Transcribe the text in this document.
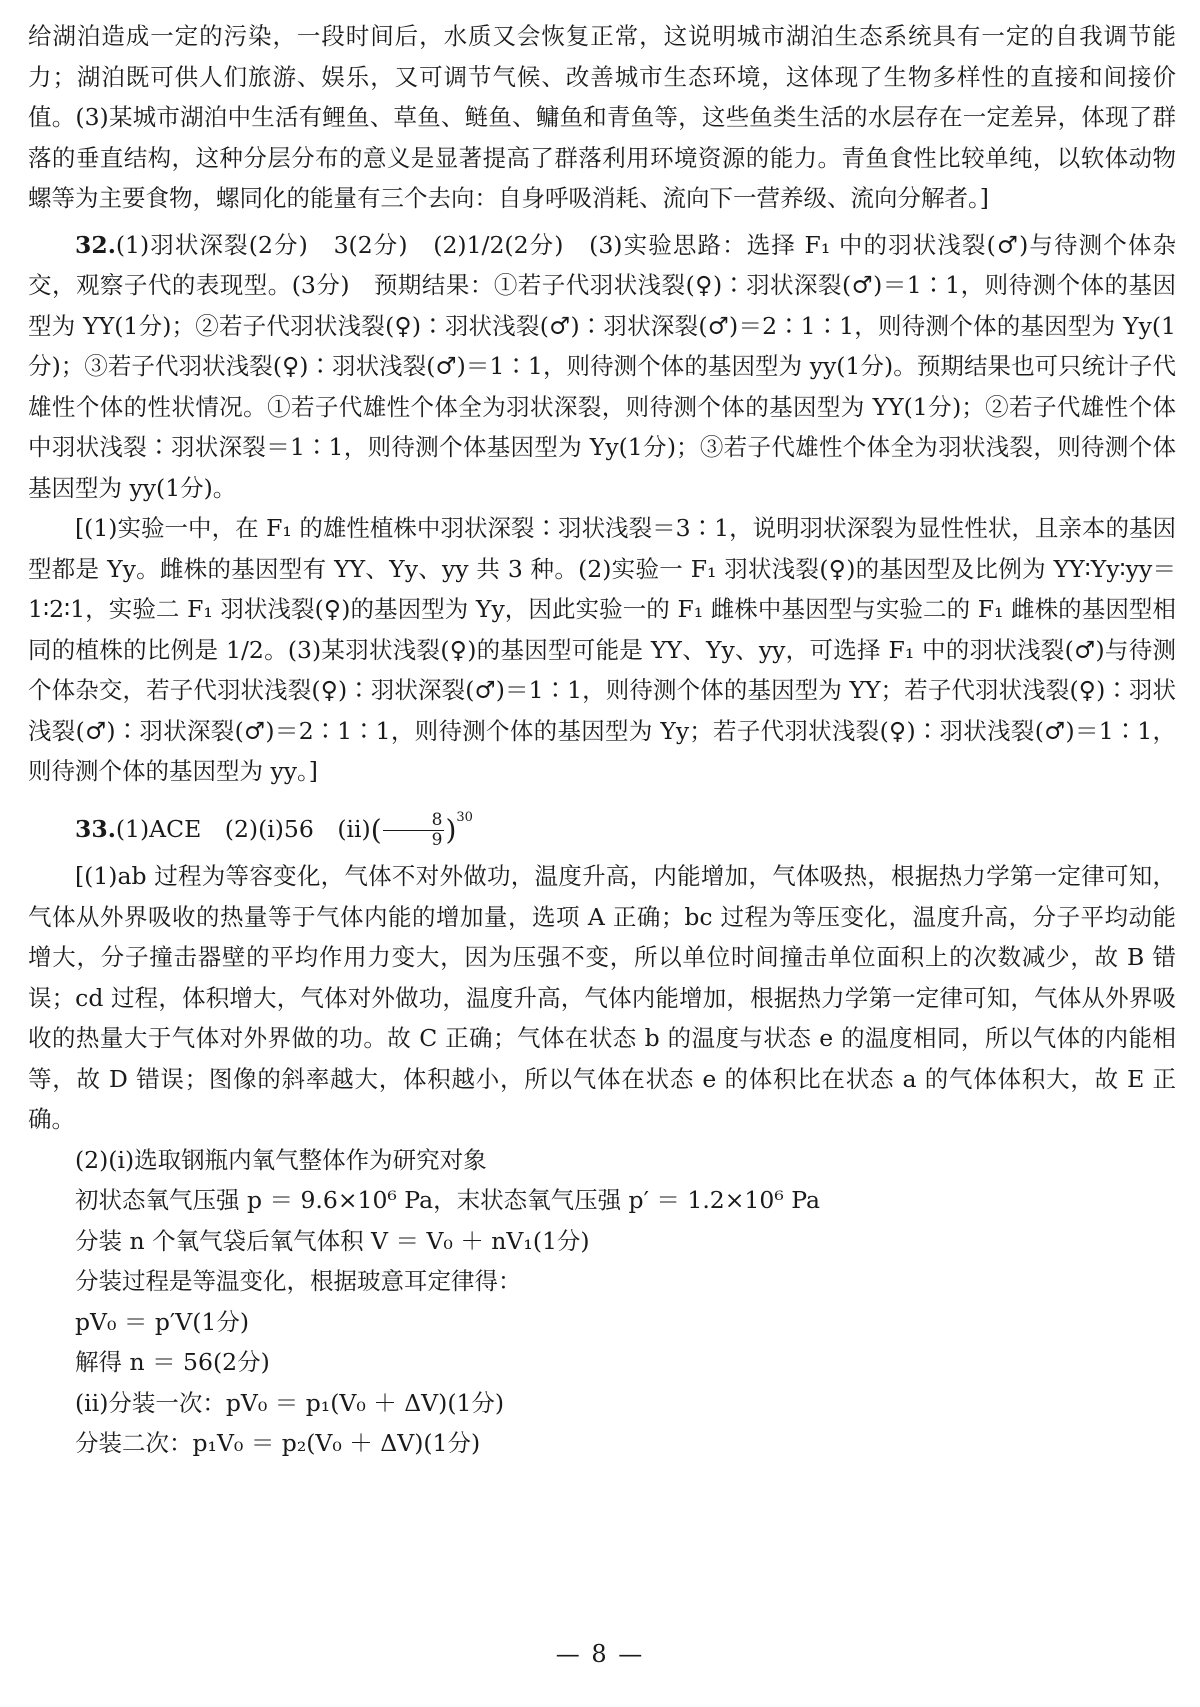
给湖泊造成一定的污染，一段时间后，水质又会恢复正常，这说明城市湖泊生态系统具有一定的自我调节能力；湖泊既可供人们旅游、娱乐，又可调节气候、改善城市生态环境，这体现了生物多样性的直接和间接价值。(3)某城市湖泊中生活有鲤鱼、草鱼、鲢鱼、鳙鱼和青鱼等，这些鱼类生活的水层存在一定差异，体现了群落的垂直结构，这种分层分布的意义是显著提高了群落利用环境资源的能力。青鱼食性比较单纯，以软体动物螺等为主要食物，螺同化的能量有三个去向：自身呼吸消耗、流向下一营养级、流向分解者。]

32.(1)羽状深裂(2分)　3(2分)　(2)1/2(2分)　(3)实验思路：选择 F₁ 中的羽状浅裂(♂)与待测个体杂交，观察子代的表现型。(3分)　预期结果：①若子代羽状浅裂(♀)∶羽状深裂(♂)＝1∶1，则待测个体的基因型为 YY(1分)；②若子代羽状浅裂(♀)∶羽状浅裂(♂)∶羽状深裂(♂)＝2∶1∶1，则待测个体的基因型为 Yy(1分)；③若子代羽状浅裂(♀)∶羽状浅裂(♂)＝1∶1，则待测个体的基因型为 yy(1分)。预期结果也可只统计子代雄性个体的性状情况。①若子代雄性个体全为羽状深裂，则待测个体的基因型为 YY(1分)；②若子代雄性个体中羽状浅裂∶羽状深裂＝1∶1，则待测个体基因型为 Yy(1分)；③若子代雄性个体全为羽状浅裂，则待测个体基因型为 yy(1分)。

[(1)实验一中，在 F₁ 的雄性植株中羽状深裂∶羽状浅裂＝3∶1，说明羽状深裂为显性性状，且亲本的基因型都是 Yy。雌株的基因型有 YY、Yy、yy 共 3 种。(2)实验一 F₁ 羽状浅裂(♀)的基因型及比例为 YY∶Yy∶yy＝1∶2∶1，实验二 F₁ 羽状浅裂(♀)的基因型为 Yy，因此实验一的 F₁ 雌株中基因型与实验二的 F₁ 雌株的基因型相同的植株的比例是 1/2。(3)某羽状浅裂(♀)的基因型可能是 YY、Yy、yy，可选择 F₁ 中的羽状浅裂(♂)与待测个体杂交，若子代羽状浅裂(♀)∶羽状深裂(♂)＝1∶1，则待测个体的基因型为 YY；若子代羽状浅裂(♀)∶羽状浅裂(♂)∶羽状深裂(♂)＝2∶1∶1，则待测个体的基因型为 Yy；若子代羽状浅裂(♀)∶羽状浅裂(♂)＝1∶1，则待测个体的基因型为 yy。]

33.(1)ACE　(2)(ⅰ)56　(ⅱ)( $\frac{8}{9} )^{30}$

[(1)ab 过程为等容变化，气体不对外做功，温度升高，内能增加，气体吸热，根据热力学第一定律可知，气体从外界吸收的热量等于气体内能的增加量，选项 A 正确；bc 过程为等压变化，温度升高，分子平均动能增大，分子撞击器壁的平均作用力变大，因为压强不变，所以单位时间撞击单位面积上的次数减少，故 B 错误；cd 过程，体积增大，气体对外做功，温度升高，气体内能增加，根据热力学第一定律可知，气体从外界吸收的热量大于气体对外界做的功。故 C 正确；气体在状态 b 的温度与状态 e 的温度相同，所以气体的内能相等，故 D 错误；图像的斜率越大，体积越小，所以气体在状态 e 的体积比在状态 a 的气体体积大，故 E 正确。

(2)(ⅰ)选取钢瓶内氧气整体作为研究对象

初状态氧气压强 p ＝ 9.6×10⁶ Pa，末状态氧气压强 p′ ＝ 1.2×10⁶ Pa

分装 n 个氧气袋后氧气体积 V ＝ V₀ ＋ nV₁(1分)

分装过程是等温变化，根据玻意耳定律得：

pV₀ ＝ p′V(1分)

解得 n ＝ 56(2分)

(ⅱ)分装一次：pV₀ ＝ p₁(V₀ ＋ ΔV)(1分)

分装二次：p₁V₀ ＝ p₂(V₀ ＋ ΔV)(1分)

— 8 —
